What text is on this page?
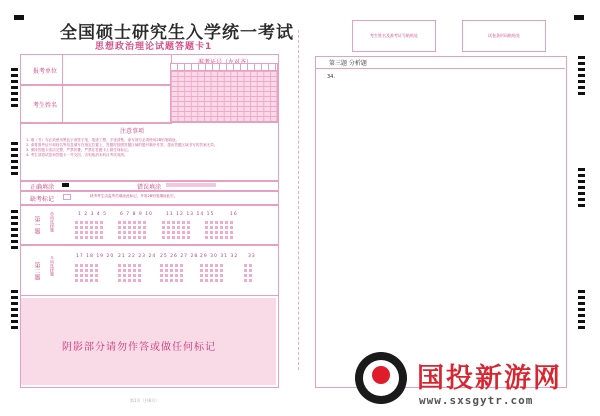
全国硕士研究生入学统一考试
思想政治理论试题答题卡1
报考单位
考生姓名
注意事项

1. 填（书）写必须使用黑色字迹签字笔，笔迹工整、字迹清楚；涂写部分必须使用2B铅笔填涂。

2. 请将准考证号和姓名等信息填写在指定位置上，答题时按照答题区域的题号顺序作答，超出答题区域书写的答案无效。

3. 保持答题卡清洁完整，严禁折叠，严禁在答题卡上做任何标记。

4. 考生须将试卷和答题卡一并交回，否则取消本科目考试成绩。

正确填涂	错误填涂
缺考标记	缺考考生由监考员填涂此标记，并用2B铅笔填涂此栏。
第一题	单项选择题	1 2 3 4 5	6 7 8 9 10	11 12 13 14 15	16
第二题	多项选择题	17 18 19 20 21 22 23 24 25 26 27 28 29 30 31 32 33
阴影部分请勿作答或做任何标记
第1页（共8页）
考生姓名及准考证号粘贴处	试卷条形码粘贴处
第三题 分析题
34.
国投新游网
www.sxsgytr.com
